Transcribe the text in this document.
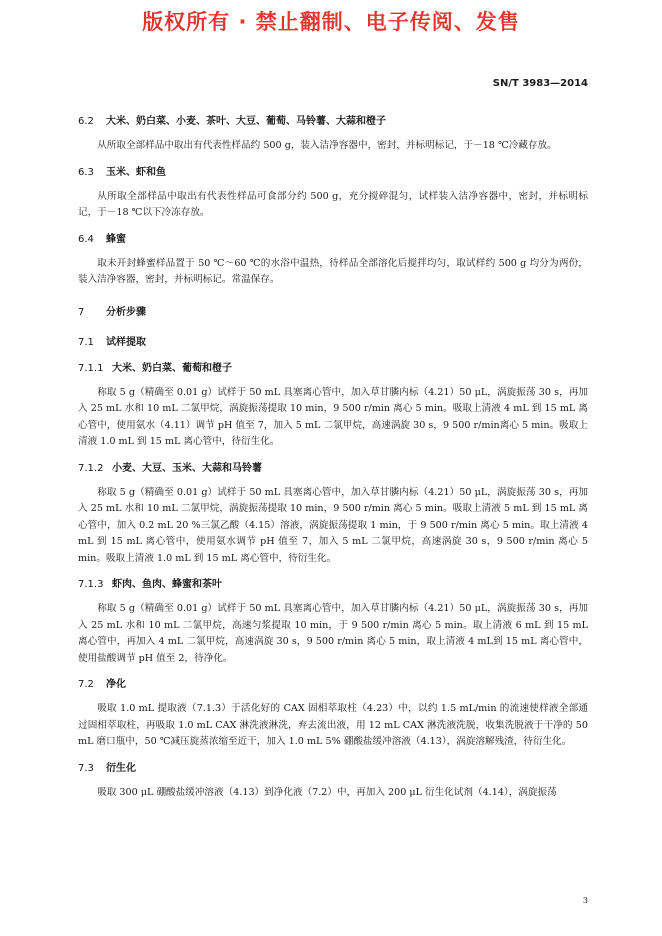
版权所有 · 禁止翻制、电子传阅、发售
SN/T 3983—2014
6.2 大米、奶白菜、小麦、茶叶、大豆、葡萄、马铃薯、大蒜和橙子
从所取全部样品中取出有代表性样品约 500 g，装入洁净容器中，密封，并标明标记，于－18 ℃冷藏存放。
6.3 玉米、虾和鱼
从所取全部样品中取出有代表性样品可食部分约 500 g，充分搅碎混匀，试样装入洁净容器中，密封，并标明标记，于－18 ℃以下冷冻存放。
6.4 蜂蜜
取未开封蜂蜜样品置于 50 ℃～60 ℃的水浴中温热，待样品全部溶化后搅拌均匀，取试样约 500 g 均分为两份，装入洁净容器，密封，并标明标记。常温保存。
7 分析步骤
7.1 试样提取
7.1.1 大米、奶白菜、葡萄和橙子
称取 5 g（精确至 0.01 g）试样于 50 mL 具塞离心管中，加入草甘膦内标（4.21）50 μL，涡旋振荡 30 s，再加入 25 mL 水和 10 mL 二氯甲烷，涡旋振荡提取 10 min，9 500 r/min 离心 5 min。吸取上清液 4 mL 到 15 mL 离心管中，使用氨水（4.11）调节 pH 值至 7，加入 5 mL 二氯甲烷，高速涡旋 30 s，9 500 r/min离心 5 min。吸取上清液 1.0 mL 到 15 mL 离心管中，待衍生化。
7.1.2 小麦、大豆、玉米、大蒜和马铃薯
称取 5 g（精确至 0.01 g）试样于 50 mL 具塞离心管中，加入草甘膦内标（4.21）50 μL，涡旋振荡 30 s，再加入 25 mL 水和 10 mL 二氯甲烷，涡旋振荡提取 10 min，9 500 r/min 离心 5 min。吸取上清液 5 mL 到 15 mL 离心管中，加入 0.2 mL 20 %三氯乙酸（4.15）溶液，涡旋振荡提取 1 min，于 9 500 r/min 离心 5 min。取上清液 4 mL 到 15 mL 离心管中，使用氨水调节 pH 值至 7，加入 5 mL 二氯甲烷，高速涡旋 30 s，9 500 r/min 离心 5 min。吸取上清液 1.0 mL 到 15 mL 离心管中，待衍生化。
7.1.3 虾肉、鱼肉、蜂蜜和茶叶
称取 5 g（精确至 0.01 g）试样于 50 mL 具塞离心管中，加入草甘膦内标（4.21）50 μL，涡旋振荡 30 s，再加入 25 mL 水和 10 mL 二氯甲烷，高速匀浆提取 10 min，于 9 500 r/min 离心 5 min。取上清液 6 mL 到 15 mL 离心管中，再加入 4 mL 二氯甲烷，高速涡旋 30 s，9 500 r/min 离心 5 min，取上清液 4 mL到 15 mL 离心管中，使用盐酸调节 pH 值至 2，待净化。
7.2 净化
吸取 1.0 mL 提取液（7.1.3）于活化好的 CAX 固相萃取柱（4.23）中，以约 1.5 mL/min 的流速使样液全部通过固相萃取柱，再吸取 1.0 mL CAX 淋洗液淋洗，弃去流出液，用 12 mL CAX 淋洗液洗脱，收集洗脱液于干净的 50 mL 磨口瓶中，50 ℃减压旋蒸浓缩至近干，加入 1.0 mL 5% 硼酸盐缓冲溶液（4.13），涡旋溶解残渣，待衍生化。
7.3 衍生化
吸取 300 μL 硼酸盐缓冲溶液（4.13）到净化液（7.2）中，再加入 200 μL 衍生化试剂（4.14），涡旋振荡
3
